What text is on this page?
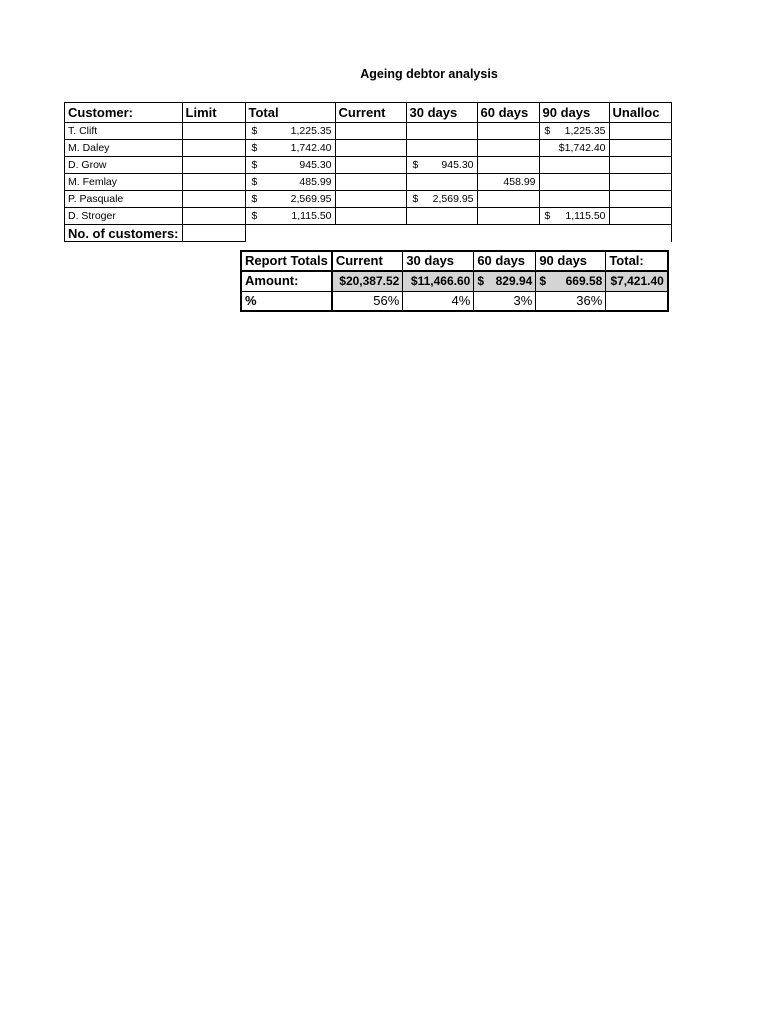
Ageing debtor analysis
Customer:	Limit	Total	Current	30 days	60 days	90 days	Unalloc
T. Clift		$ 1,225.35				$ 1,225.35	

M. Daley		$ 1,742.40				$1,742.40	
D. Grow		$ 945.30		$ 945.30			

M. Femlay		$ 485.99			458.99		
P. Pasquale		$ 2,569.95		$ 2,569.95			

D. Stroger		$ 1,115.50				$ 1,115.50	

No. of customers:							
Report Totals	Current	30 days	60 days	90 days	Total:
Amount:	$20,387.52	$11,466.60	$ 829.94	$ 669.58	$7,421.40
%	56%	4%	3%	36%	
